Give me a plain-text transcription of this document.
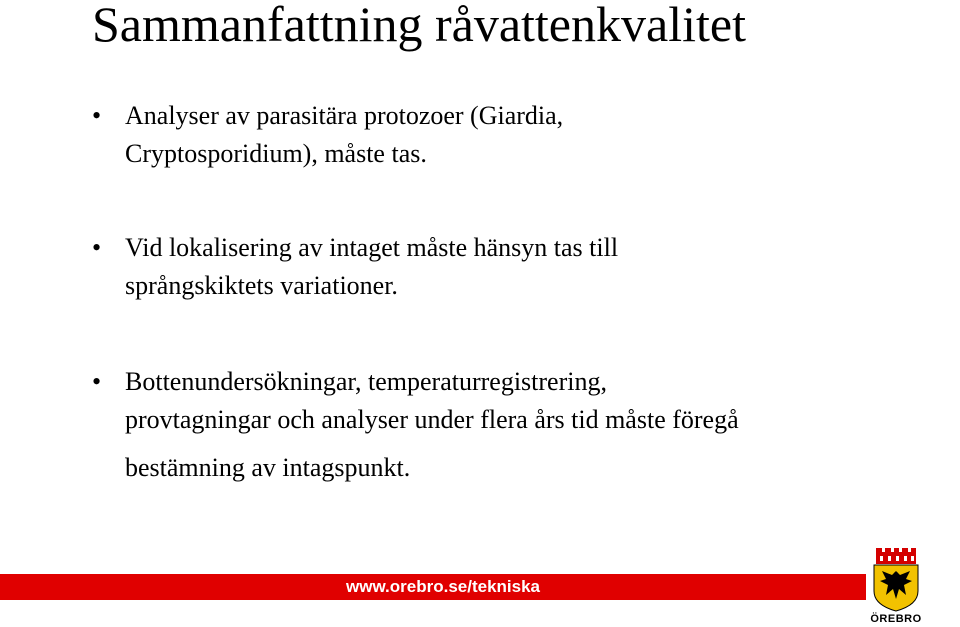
Sammanfattning råvattenkvalitet
• Analyser av parasitära protozoer (Giardia,
Cryptosporidium), måste tas.
• Vid lokalisering av intaget måste hänsyn tas till
språngskiktets variationer.
• Bottenundersökningar, temperaturregistrering,
provtagningar och analyser under flera års tid måste föregå
bestämning av intagspunkt.
www.orebro.se/tekniska
ÖREBRO
